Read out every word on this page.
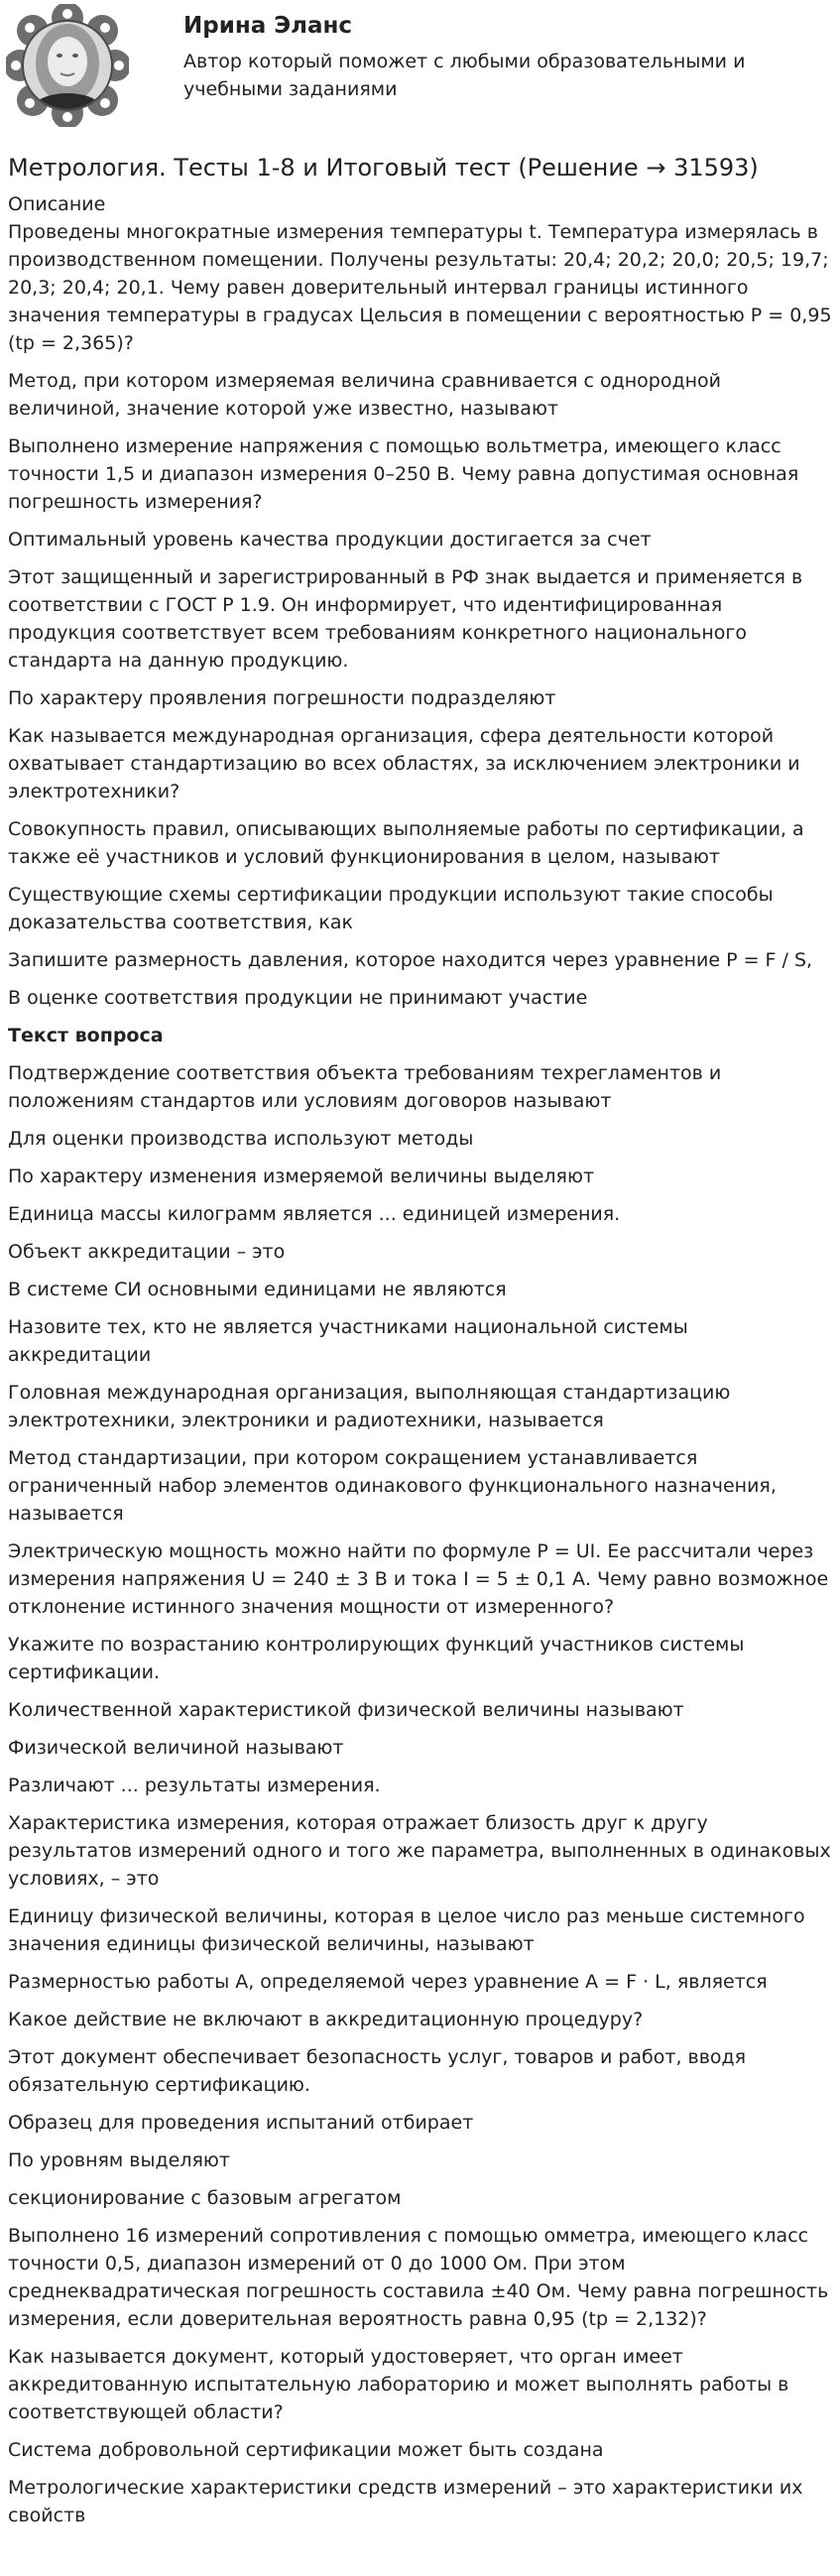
Ирина Эланс
Автор который поможет с любыми образовательными и учебными заданиями
Метрология. Тесты 1-8 и Итоговый тест (Решение → 31593)
Описание
Проведены многократные измерения температуры t. Температура измерялась в производственном помещении. Получены результаты: 20,4; 20,2; 20,0; 20,5; 19,7; 20,3; 20,4; 20,1. Чему равен доверительный интервал границы истинного значения температуры в градусах Цельсия в помещении с вероятностью P = 0,95 (tp = 2,365)?
Метод, при котором измеряемая величина сравнивается с однородной величиной, значение которой уже известно, называют
Выполнено измерение напряжения с помощью вольтметра, имеющего класс точности 1,5 и диапазон измерения 0–250 В. Чему равна допустимая основная погрешность измерения?
Оптимальный уровень качества продукции достигается за счет
Этот защищенный и зарегистрированный в РФ знак выдается и применяется в соответствии с ГОСТ Р 1.9. Он информирует, что идентифицированная продукция соответствует всем требованиям конкретного национального стандарта на данную продукцию.
По характеру проявления погрешности подразделяют
Как называется международная организация, сфера деятельности которой охватывает стандартизацию во всех областях, за исключением электроники и электротехники?
Совокупность правил, описывающих выполняемые работы по сертификации, а также её участников и условий функционирования в целом, называют
Существующие схемы сертификации продукции используют такие способы доказательства соответствия, как
Запишите размерность давления, которое находится через уравнение P = F / S,
В оценке соответствия продукции не принимают участие
Текст вопроса
Подтверждение соответствия объекта требованиям техрегламентов и положениям стандартов или условиям договоров называют
Для оценки производства используют методы
По характеру изменения измеряемой величины выделяют
Единица массы килограмм является ... единицей измерения.
Объект аккредитации – это
В системе СИ основными единицами не являются
Назовите тех, кто не является участниками национальной системы аккредитации
Головная международная организация, выполняющая стандартизацию электротехники, электроники и радиотехники, называется
Метод стандартизации, при котором сокращением устанавливается ограниченный набор элементов одинакового функционального назначения, называется
Электрическую мощность можно найти по формуле P = UI. Ее рассчитали через измерения напряжения U = 240 ± 3 В и тока I = 5 ± 0,1 А. Чему равно возможное отклонение истинного значения мощности от измеренного?
Укажите по возрастанию контролирующих функций участников системы сертификации.
Количественной характеристикой физической величины называют
Физической величиной называют
Различают ... результаты измерения.
Характеристика измерения, которая отражает близость друг к другу результатов измерений одного и того же параметра, выполненных в одинаковых условиях, – это
Единицу физической величины, которая в целое число раз меньше системного значения единицы физической величины, называют
Размерностью работы A, определяемой через уравнение A = F · L, является
Какое действие не включают в аккредитационную процедуру?
Этот документ обеспечивает безопасность услуг, товаров и работ, вводя обязательную сертификацию.
Образец для проведения испытаний отбирает
По уровням выделяют
секционирование с базовым агрегатом
Выполнено 16 измерений сопротивления с помощью омметра, имеющего класс точности 0,5, диапазон измерений от 0 до 1000 Ом. При этом среднеквадратическая погрешность составила ±40 Ом. Чему равна погрешность измерения, если доверительная вероятность равна 0,95 (tp = 2,132)?
Как называется документ, который удостоверяет, что орган имеет аккредитованную испытательную лабораторию и может выполнять работы в соответствующей области?
Система добровольной сертификации может быть создана
Метрологические характеристики средств измерений – это характеристики их свойств
